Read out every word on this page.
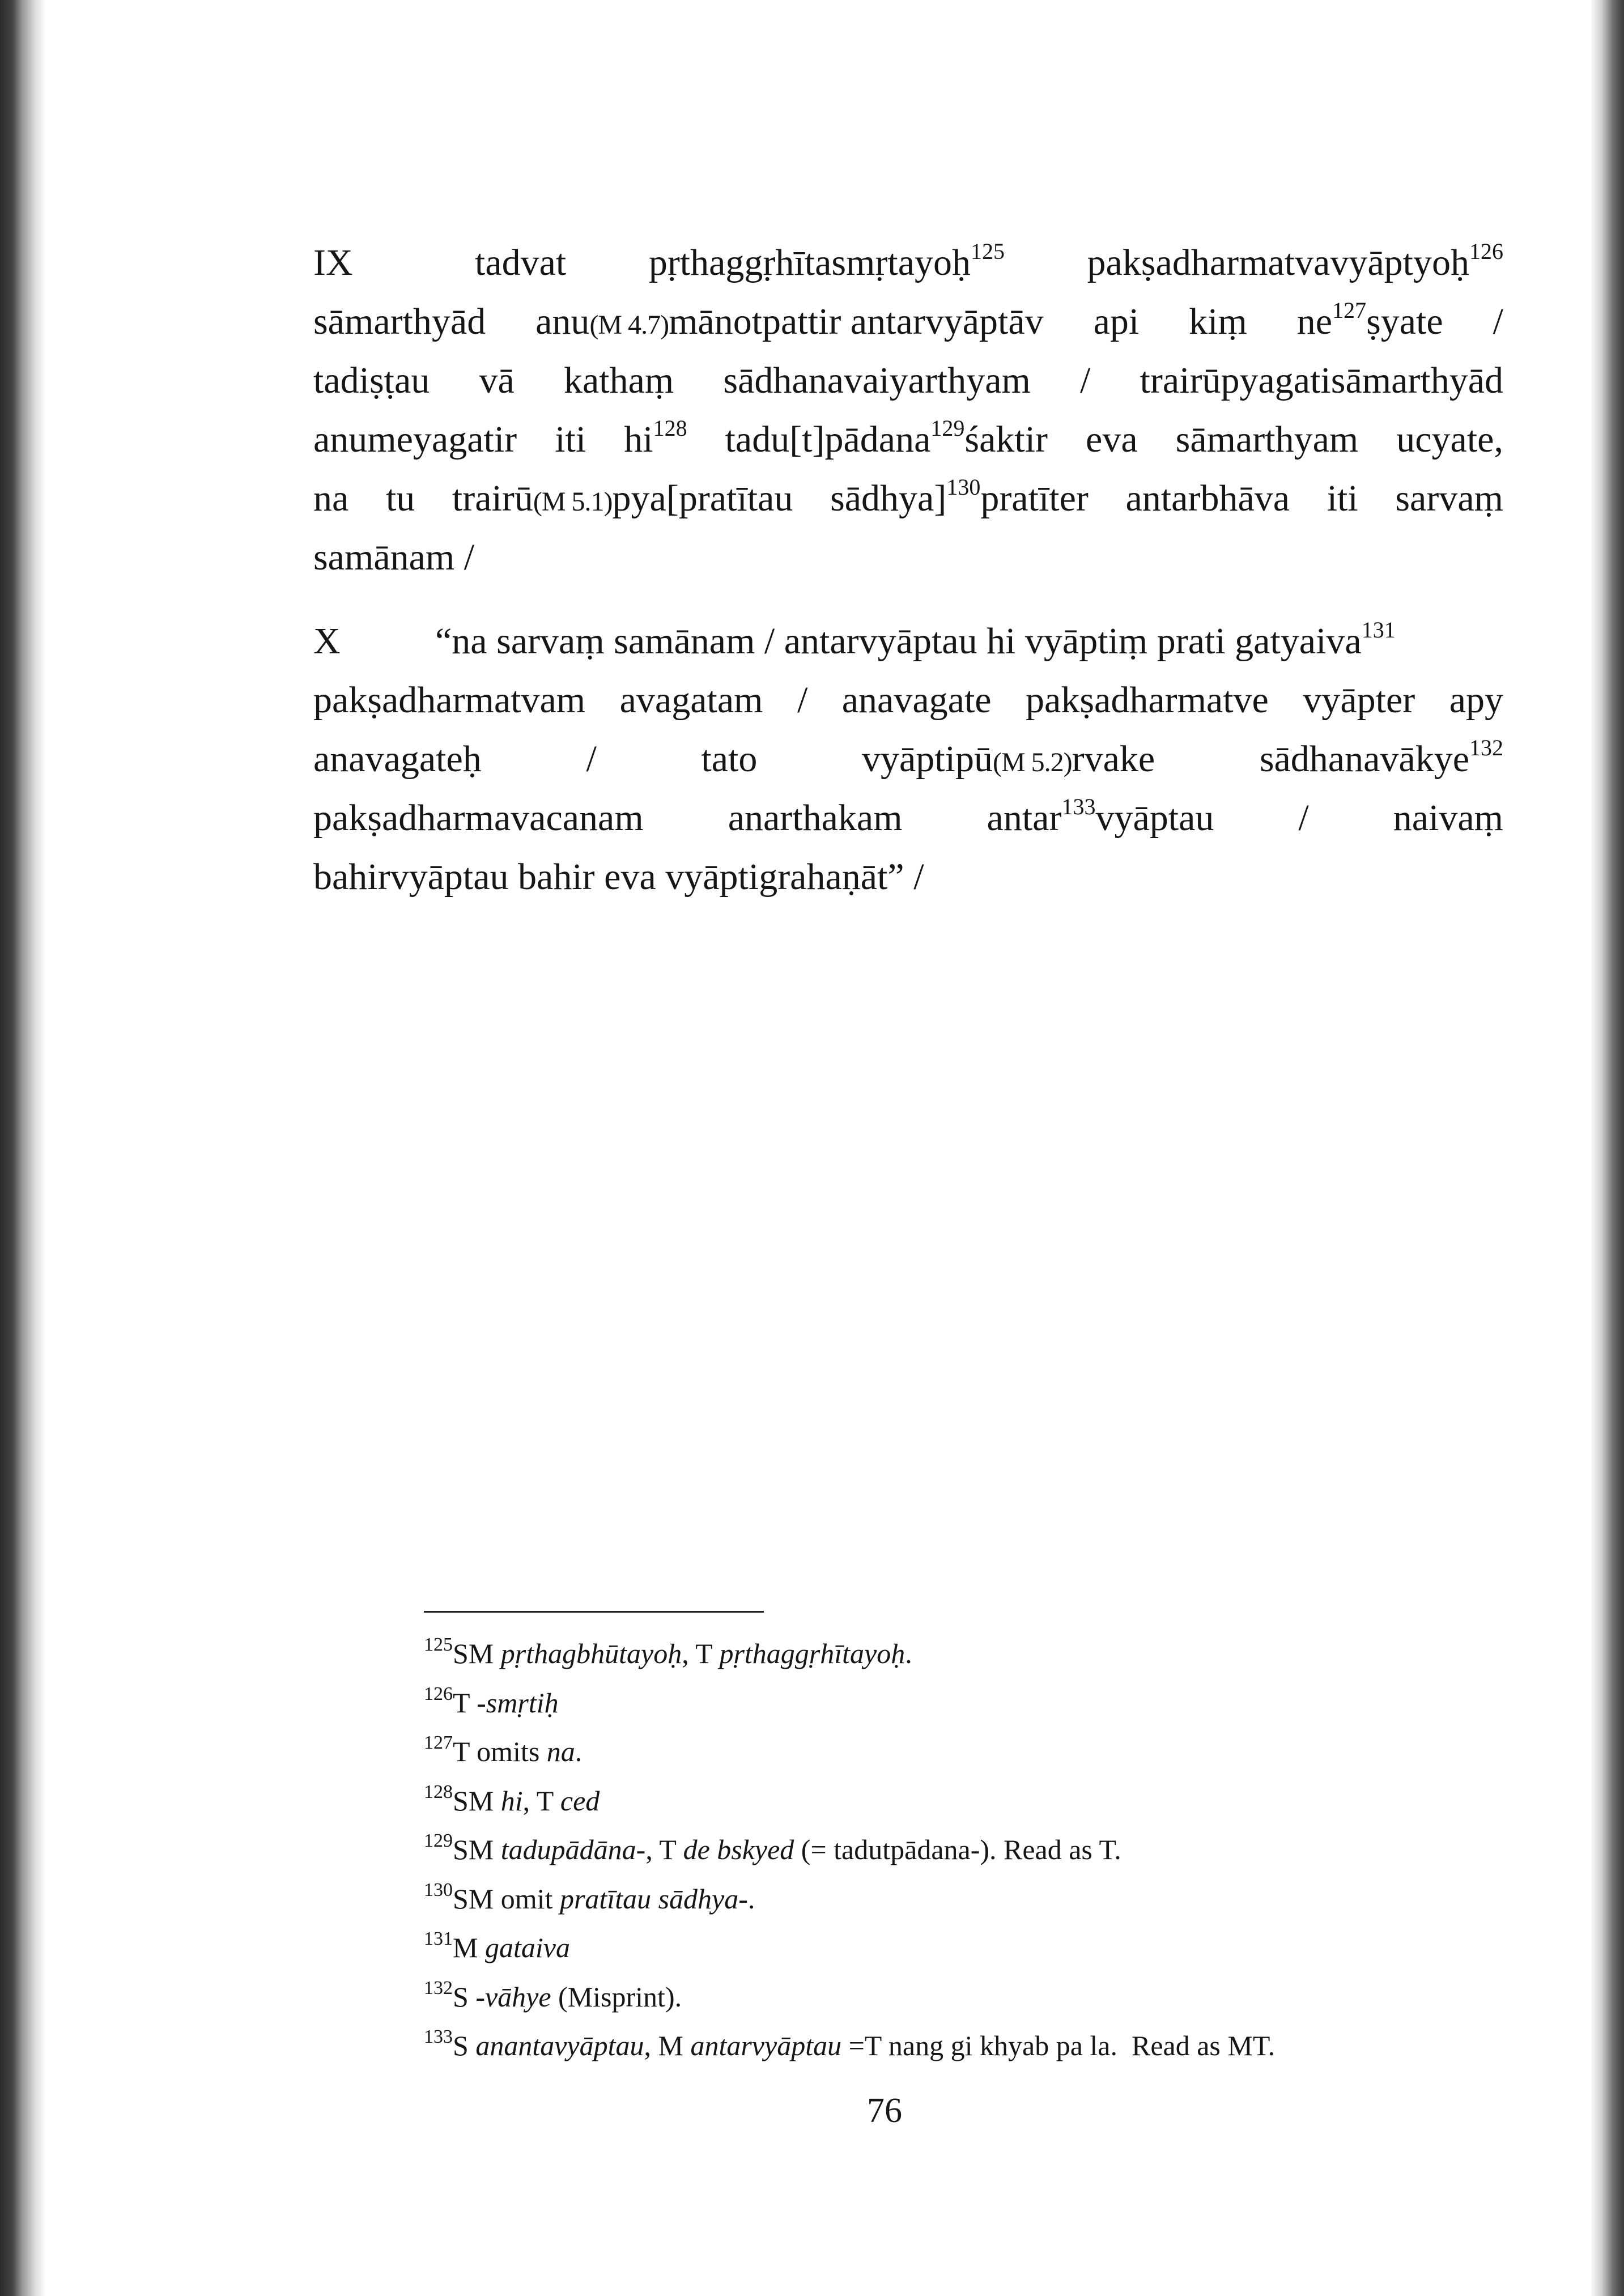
IX	tadvat pṛthaggṛhītasmṛtayoḥ$^{125}$ pakṣadharmatvavyāptyoḥ$^{126}$
sāmarthyād anu(M 4.7)mānotpattir antarvyāptāv api kiṃ $ne^{127}ṣyate$ /
tadiṣṭau vā kathaṃ sādhanavaiyarthyam / trairūpyagatisāmarthyād
anumeyagatir iti $hi^{128}$ tadu[t]pādana$^{129}$śaktir eva sāmarthyam ucyate,
na tu trairū(M 5.1)pya[pratītau sādhya]$^{130}$pratīter antarbhāva iti sarvaṃ
samānam /
X	“na sarvaṃ samānam / antarvyāptau hi vyāptiṃ prati gatyaiva$^{131}$
pakṣadharmatvam avagatam / anavagate pakṣadharmatve vyāpter apy
anavagateḥ	/	tato	vyāptipū(M 5.2)rvake	sādhanavākye$^{132}$
pakṣadharmavacanam anarthakam antar$^{133}$vyāptau / naivaṃ
bahirvyāptau bahir eva vyāptigrahaṇāt” /
$^{125}$SM pṛthagbhūtayoḥ, T pṛthaggṛhītayoḥ.
$^{126}$T -smṛtiḥ
$^{127}$T omits na.
$^{128}$SM hi, T ced
$^{129}$SM tadupādāna-, T de bskyed (= tadutpādana-). Read as T.
$^{130}$SM omit pratītau sādhya-.
$^{131}$M gataiva
$^{132}$S -vāhye (Misprint).
$^{133}$S anantavyāptau, M antarvyāptau =T nang gi khyab pa la.  Read as MT.
76
